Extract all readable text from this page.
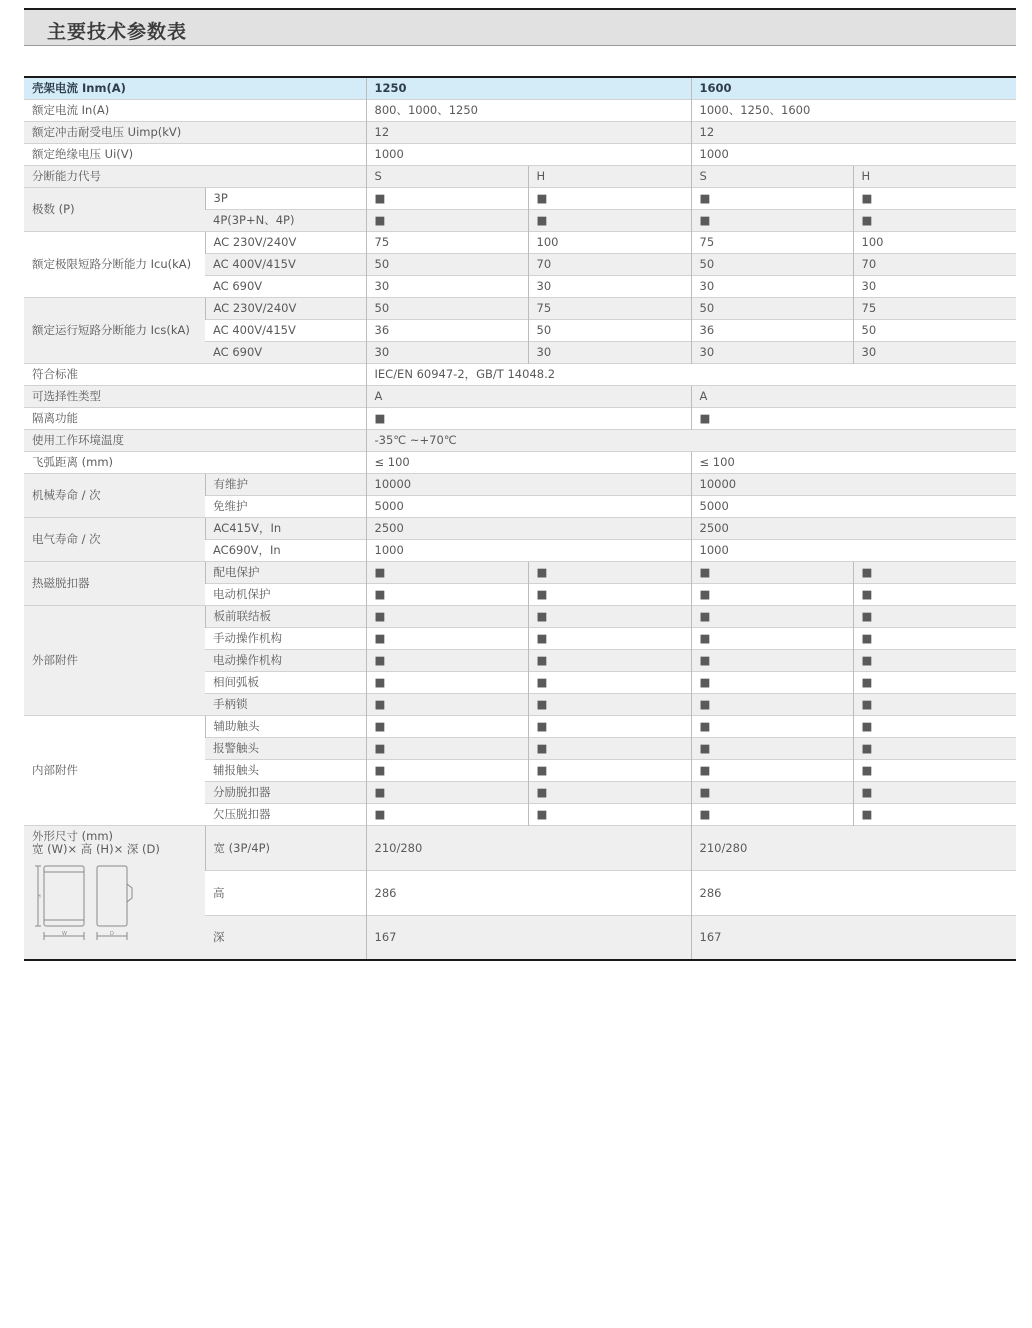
主要技术参数表
壳架电流 Inm(A)		1250		1600	
额定电流 In(A)		800、1000、1250		1000、1250、1600	
额定冲击耐受电压 Uimp(kV)		12		12	
额定绝缘电压 Ui(V)		1000		1000	
分断能力代号		S	H	S	H
极数 (P)	3P	■	■	■	■
	4P(3P+N、4P)	■	■	■	■
额定极限短路分断能力 Icu(kA)	AC 230V/240V	75	100	75	100
	AC 400V/415V	50	70	50	70
	AC 690V	30	30	30	30
额定运行短路分断能力 Ics(kA)	AC 230V/240V	50	75	50	75
	AC 400V/415V	36	50	36	50
	AC 690V	30	30	30	30
符合标准		IEC/EN 60947-2，GB/T 14048.2			
可选择性类型		A		A	
隔离功能		■		■	
使用工作环境温度		-35℃ ~+70℃			
飞弧距离 (mm)		≤ 100		≤ 100	
机械寿命 / 次	有维护	10000		10000	
	免维护	5000		5000	
电气寿命 / 次	AC415V，In	2500		2500	
	AC690V，In	1000		1000	
热磁脱扣器	配电保护	■	■	■	■
	电动机保护	■	■	■	■
外部附件	板前联结板	■	■	■	■
	手动操作机构	■	■	■	■
	电动操作机构	■	■	■	■
	相间弧板	■	■	■	■
	手柄锁	■	■	■	■
内部附件	辅助触头	■	■	■	■
	报警触头	■	■	■	■
	辅报触头	■	■	■	■
	分励脱扣器	■	■	■	■
	欠压脱扣器	■	■	■	■

外形尺寸 (mm)
宽 (W)× 高 (H)× 深 (D)
H
W D	宽 (3P/4P)	210/280		210/280	
	高	286		286	
	深	167		167	
